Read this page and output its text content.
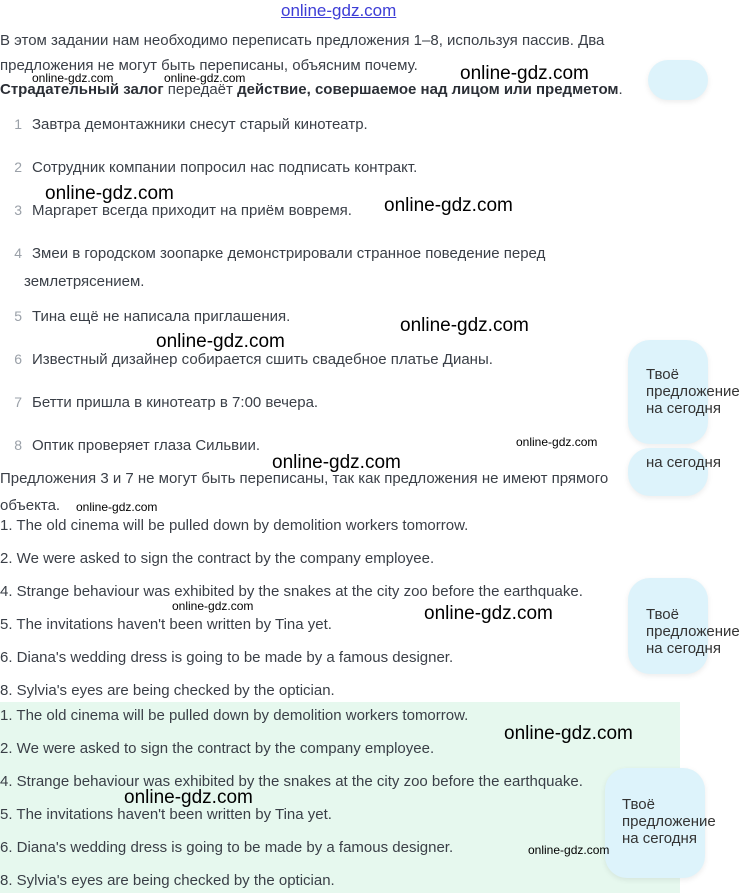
online-gdz.com
В этом задании нам необходимо переписать предложения 1–8, используя пассив. Два предложения не могут быть переписаны, объясним почему.
Страдательный залог передаёт действие, совершаемое над лицом или предметом.
1 Завтра демонтажники снесут старый кинотеатр.
2 Сотрудник компании попросил нас подписать контракт.
3 Маргарет всегда приходит на приём вовремя.
4 Змеи в городском зоопарке демонстрировали странное поведение перед
землетрясением.
5 Тина ещё не написала приглашения.
6 Известный дизайнер собирается сшить свадебное платье Дианы.
7 Бетти пришла в кинотеатр в 7:00 вечера.
8 Оптик проверяет глаза Сильвии.
Предложения 3 и 7 не могут быть переписаны, так как предложения не имеют прямого объекта.
1. The old cinema will be pulled down by demolition workers tomorrow.
2. We were asked to sign the contract by the company employee.
4. Strange behaviour was exhibited by the snakes at the city zoo before the earthquake.
5. The invitations haven't been written by Tina yet.
6. Diana's wedding dress is going to be made by a famous designer.
8. Sylvia's eyes are being checked by the optician.
1. The old cinema will be pulled down by demolition workers tomorrow.
2. We were asked to sign the contract by the company employee.
4. Strange behaviour was exhibited by the snakes at the city zoo before the earthquake.
5. The invitations haven't been written by Tina yet.
6. Diana's wedding dress is going to be made by a famous designer.
8. Sylvia's eyes are being checked by the optician.
Твоё
предложение
на сегодня
на сегодня
Твоё
предложение
на сегодня
Твоё
предложение
на сегодня
online-gdz.com	online-gdz.com	online-gdz.com
online-gdz.com
online-gdz.com
online-gdz.com
online-gdz.com
online-gdz.com
online-gdz.com
online-gdz.com
online-gdz.com	online-gdz.com
online-gdz.com
online-gdz.com
online-gdz.com
